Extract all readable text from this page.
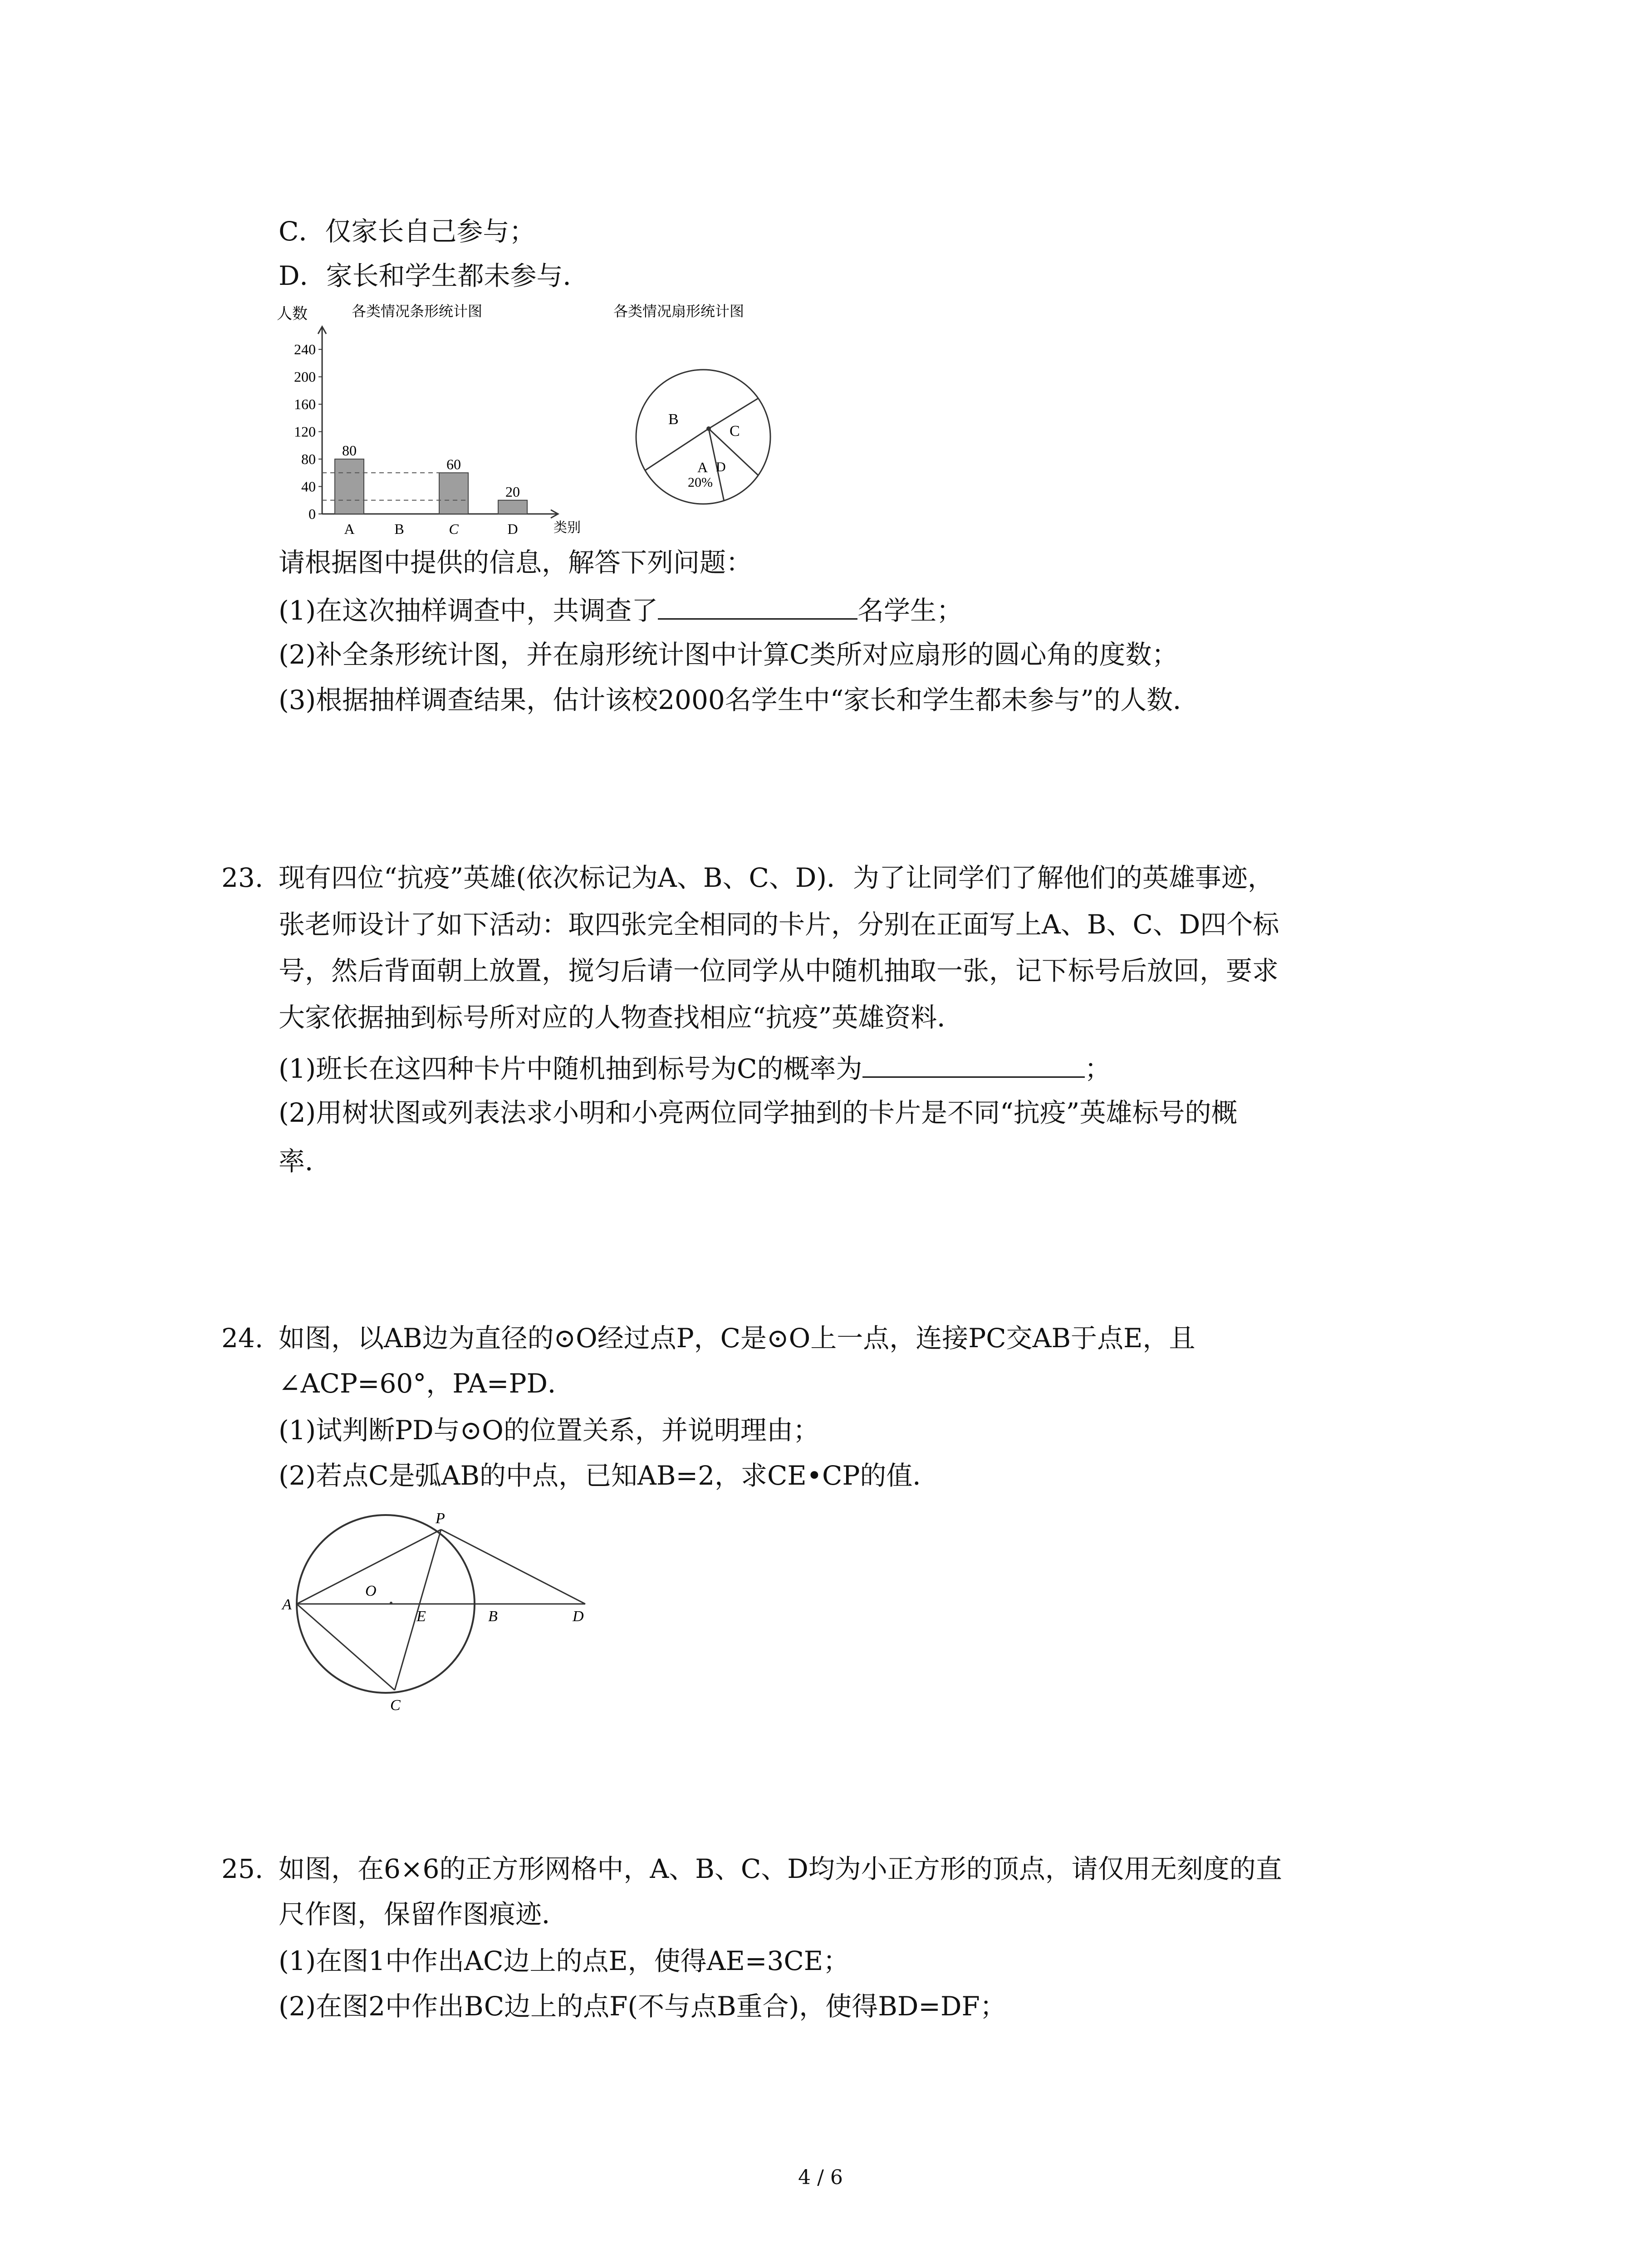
C．仅家长自己参与；
D．家长和学生都未参与．
各类情况条形统计图
人数
类别
0
40
80
120
160
200
240
A
80
B	C
60
D
20
各类情况扇形统计图
B
C
A D
20%
请根据图中提供的信息，解答下列问题：
(1)在这次抽样调查中，共调查了	名学生；
(2)补全条形统计图，并在扇形统计图中计算C类所对应扇形的圆心角的度数；
(3)根据抽样调查结果，估计该校2000名学生中“家长和学生都未参与”的人数．
23. 现有四位“抗疫”英雄(依次标记为A、B、C、D)．为了让同学们了解他们的英雄事迹，
张老师设计了如下活动：取四张完全相同的卡片，分别在正面写上A、B、C、D四个标
号，然后背面朝上放置，搅匀后请一位同学从中随机抽取一张，记下标号后放回，要求
大家依据抽到标号所对应的人物查找相应“抗疫”英雄资料．
(1)班长在这四种卡片中随机抽到标号为C的概率为	；
(2)用树状图或列表法求小明和小亮两位同学抽到的卡片是不同“抗疫”英雄标号的概
率．
24. 如图，以AB边为直径的⊙O经过点P，C是⊙O上一点，连接PC交AB于点E，且
∠ACP=60°，PA=PD．
(1)试判断PD与⊙O的位置关系，并说明理由；
(2)若点C是弧AB的中点，已知AB=2，求CE•CP的值．
P
O
A
E	B	D
C
25. 如图，在6×6的正方形网格中，A、B、C、D均为小正方形的顶点，请仅用无刻度的直
尺作图，保留作图痕迹．
(1)在图1中作出AC边上的点E，使得AE=3CE；
(2)在图2中作出BC边上的点F(不与点B重合)，使得BD=DF；
4 / 6
